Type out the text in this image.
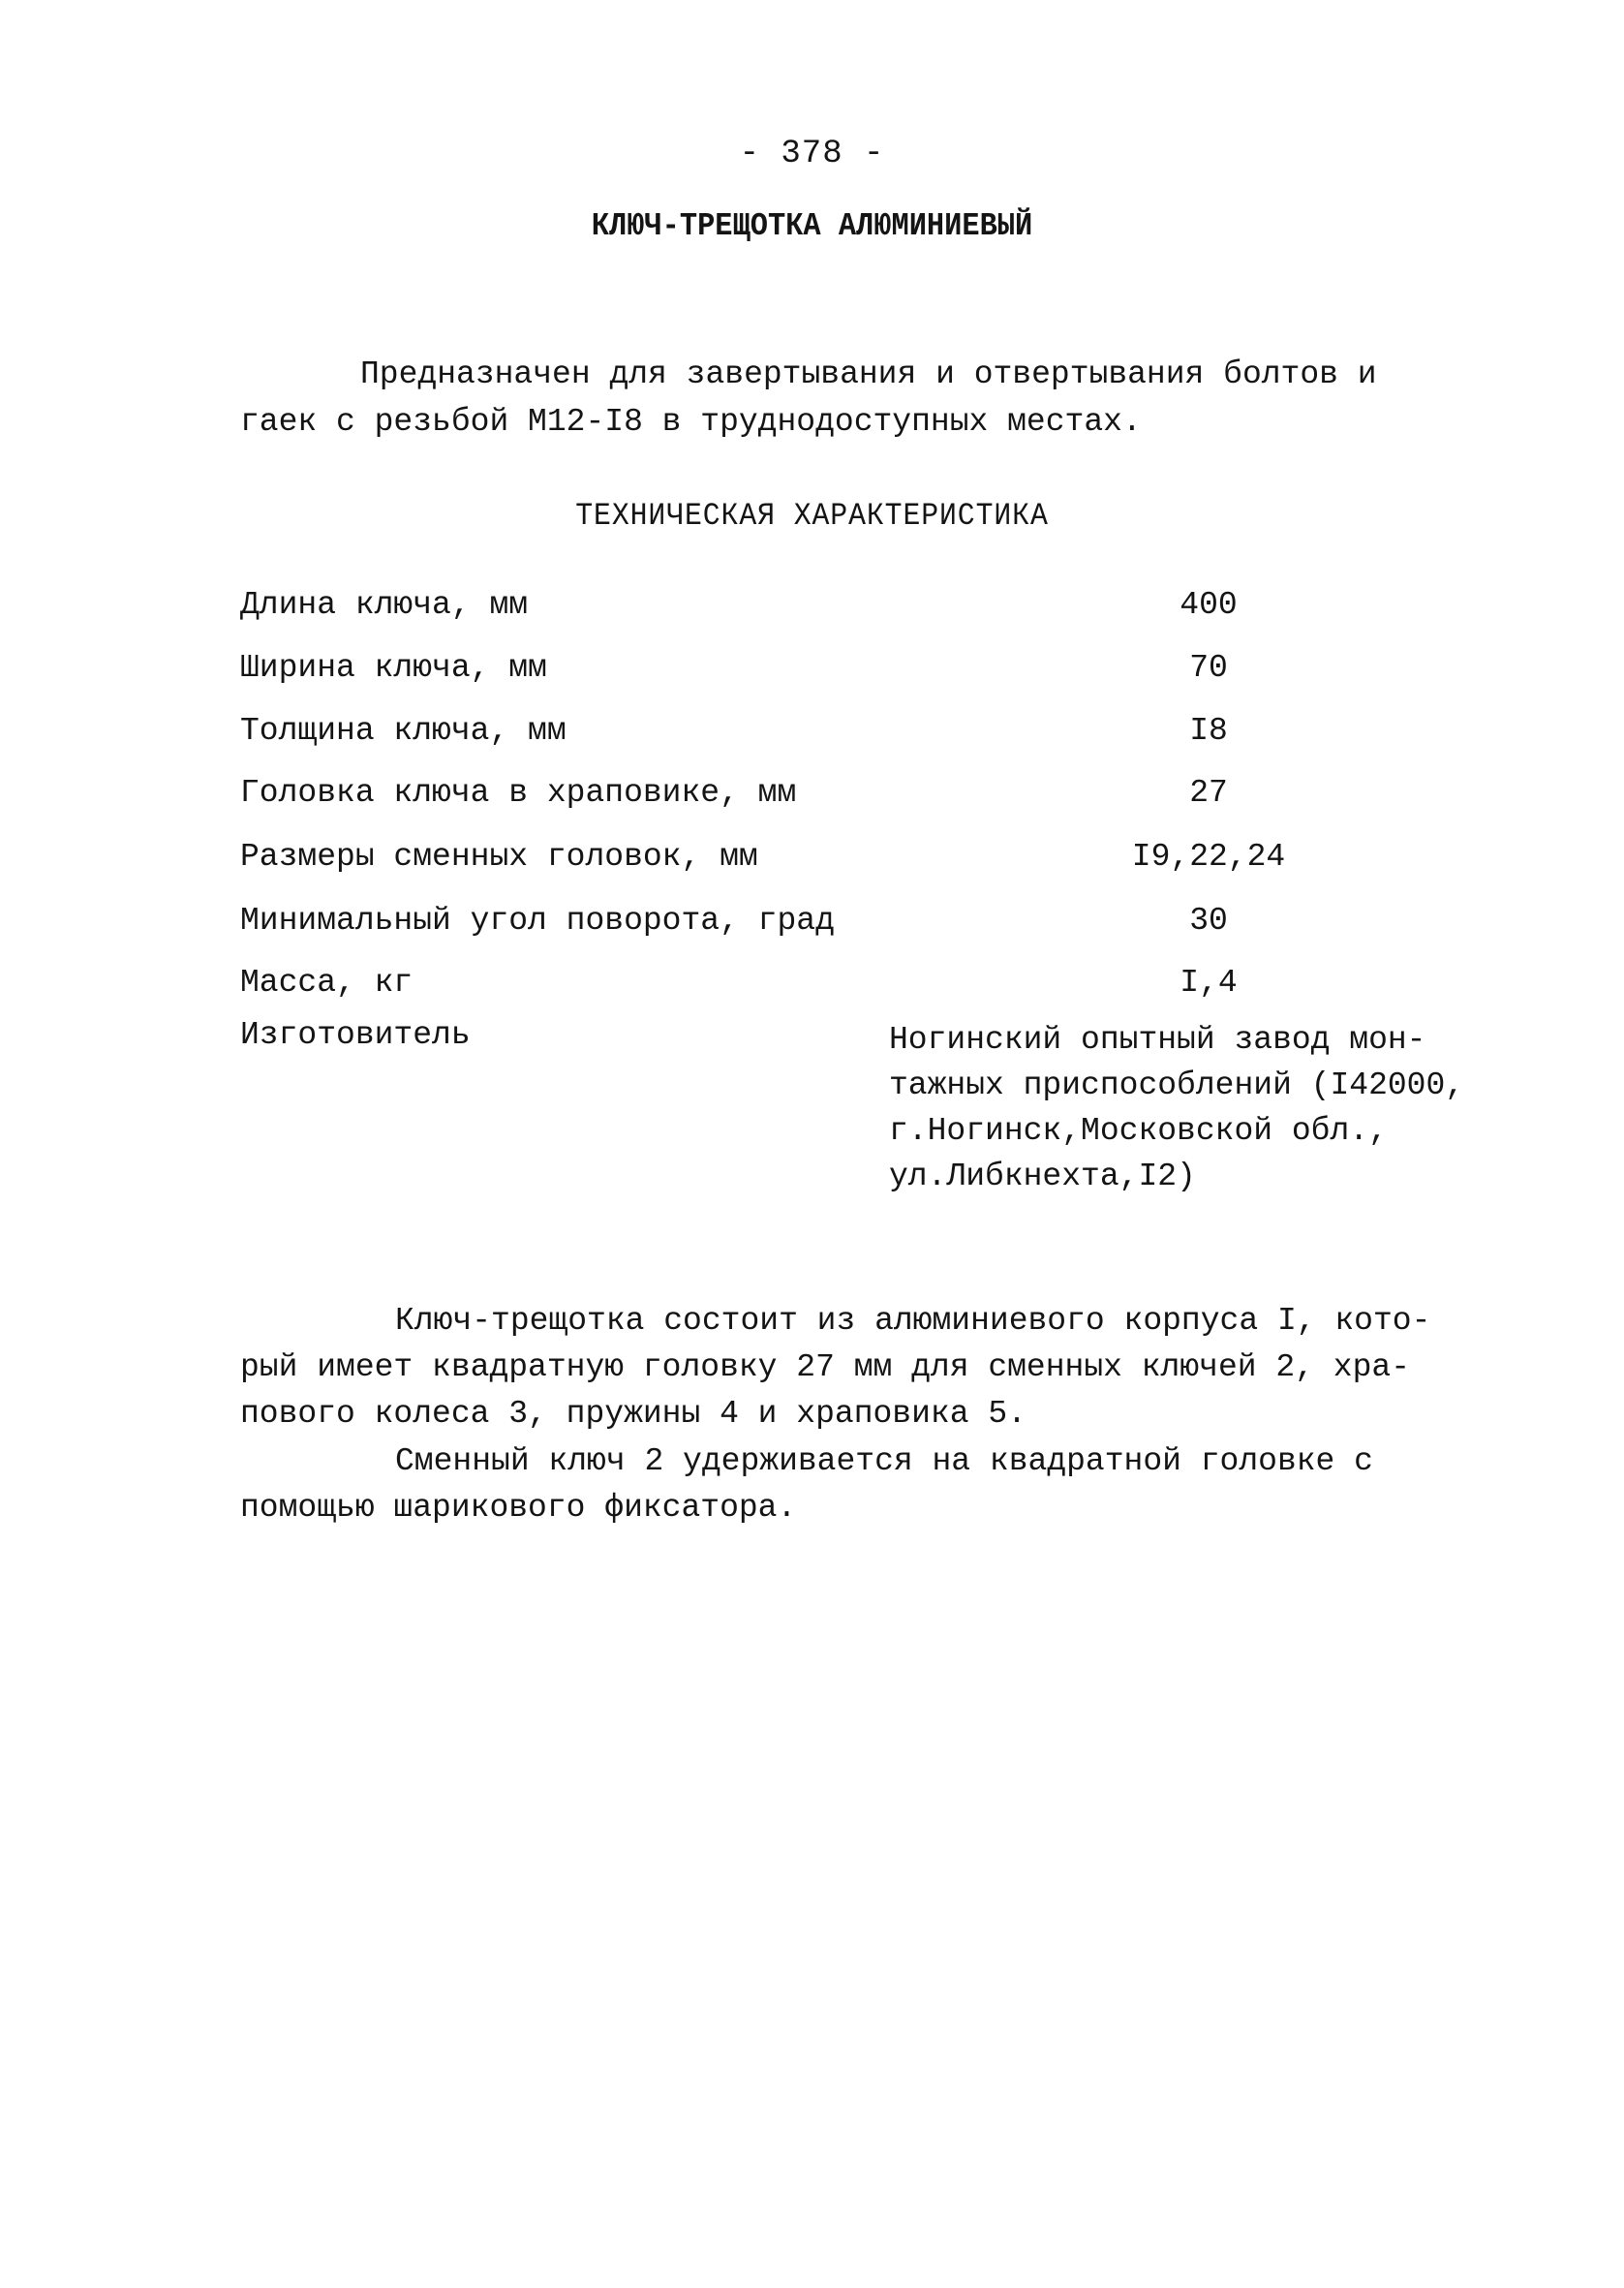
- 378 -
КЛЮЧ-ТРЕЩОТКА АЛЮМИНИЕВЫЙ

Предназначен для завертывания и отвертывания болтов и
гаек с резьбой М12-I8 в труднодоступных местах.

ТЕХНИЧЕСКАЯ ХАРАКТЕРИСТИКА
Длина ключа, мм	400
Ширина ключа, мм	70
Толщина ключа, мм	I8
Головка ключа в храповике, мм	27
Размеры сменных головок, мм	I9,22,24
Минимальный угол поворота, град	30
Масса, кг	I,4
Изготовитель	Ногинский опытный завод мон-
тажных приспособлений (I42000,
г.Ногинск,Московской обл.,
ул.Либкнехта,I2)
Ключ-трещотка состоит из алюминиевого корпуса I, кото-
рый имеет квадратную головку 27 мм для сменных ключей 2, хра-
пового колеса 3, пружины 4 и храповика 5.
Сменный ключ 2 удерживается на квадратной головке с
помощью шарикового фиксатора.
